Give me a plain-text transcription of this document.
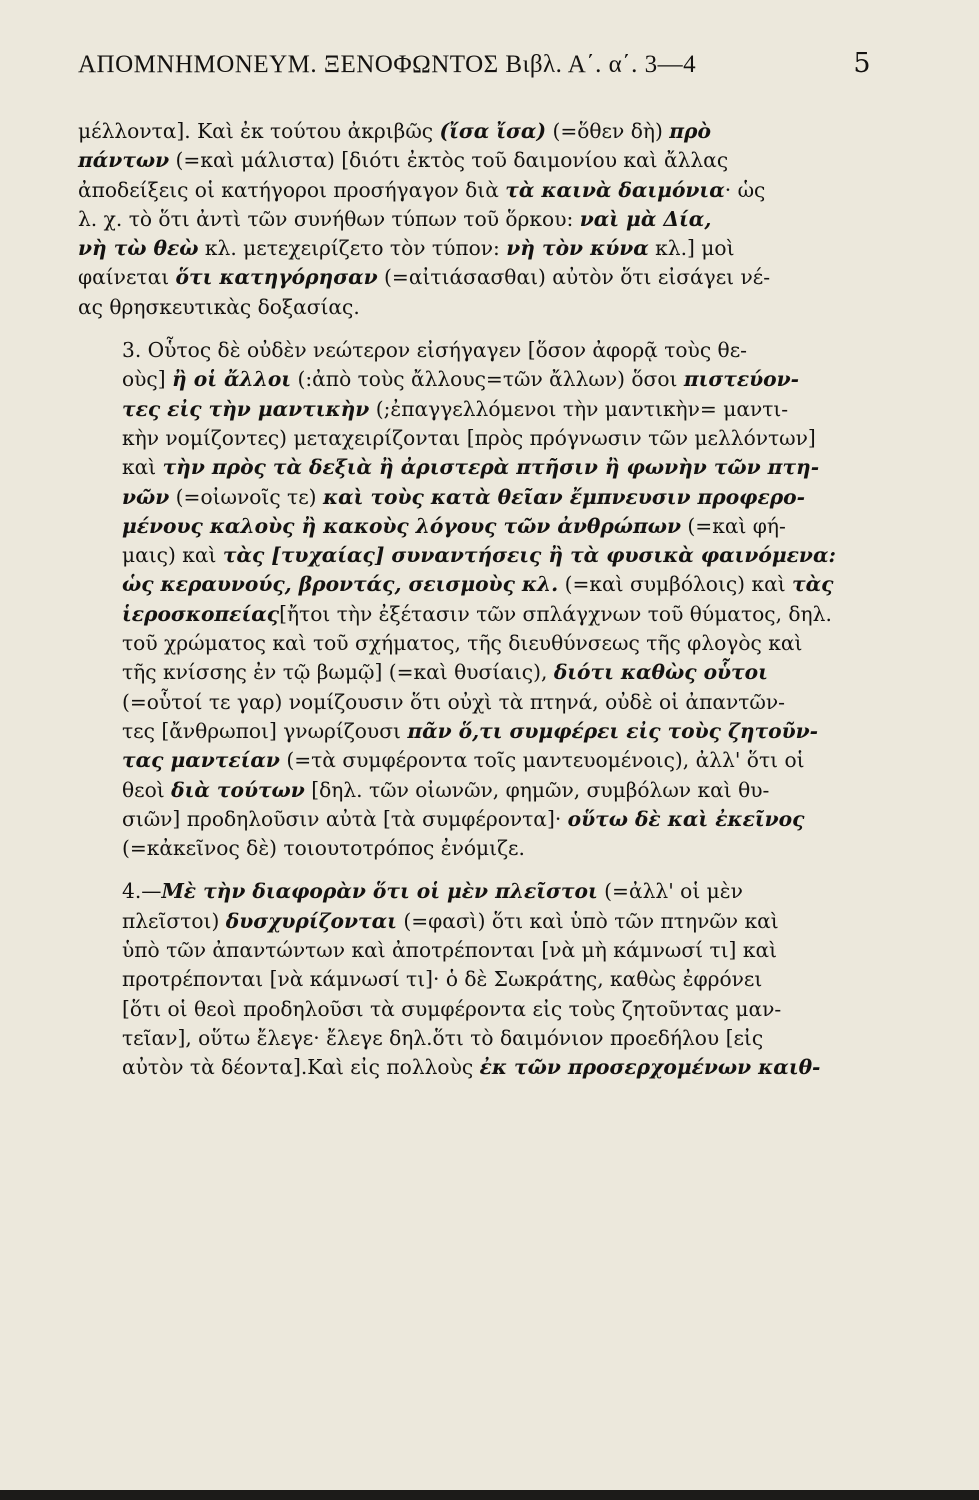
ΑΠΟΜΝΗΜΟΝΕΥΜ. ΞΕΝΟΦΩΝΤΟΣ Βιβλ. Α΄. α΄. 3—4	5

μέλλοντα]. Καὶ ἐκ τούτου ἀκριβῶς (ἴσα ἴσα) (=ὅθεν δὴ) πρὸ
πάντων (=καὶ μάλιστα) [διότι ἐκτὸς τοῦ δαιμονίου καὶ ἄλλας
ἀποδείξεις οἱ κατήγοροι προσήγαγον διὰ τὰ καινὰ δαιμόνια· ὡς
λ. χ. τὸ ὅτι ἀντὶ τῶν συνήθων τύπων τοῦ ὅρκου: ναὶ μὰ Δία,
νὴ τὼ θεὼ κλ. μετεχειρίζετο τὸν τύπον: νὴ τὸν κύνα κλ.] μοὶ
φαίνεται ὅτι κατηγόρησαν (=αἰτιάσασθαι) αὐτὸν ὅτι εἰσάγει νέ-
ας θρησκευτικὰς δοξασίας.

3. Οὗτος δὲ οὐδὲν νεώτερον εἰσήγαγεν [ὅσον ἀφορᾷ τοὺς θε-
οὺς] ἢ οἱ ἄλλοι (:ἀπὸ τοὺς ἄλλους=τῶν ἄλλων) ὅσοι πιστεύον-
τες εἰς τὴν μαντικὴν (;ἐπαγγελλόμενοι τὴν μαντικὴν= μαντι-
κὴν νομίζοντες) μεταχειρίζονται [πρὸς πρόγνωσιν τῶν μελλόντων]
καὶ τὴν πρὸς τὰ δεξιὰ ἢ ἀριστερὰ πτῆσιν ἢ φωνὴν τῶν πτη-
νῶν (=οἰωνοῖς τε) καὶ τοὺς κατὰ θεῖαν ἔμπνευσιν προφερο-
μένους καλοὺς ἢ κακοὺς λόγους τῶν ἀνθρώπων (=καὶ φή-
μαις) καὶ τὰς [τυχαίας] συναντήσεις ἢ τὰ φυσικὰ φαινόμενα:
ὡς κεραυνούς, βροντάς, σεισμοὺς κλ. (=καὶ συμβόλοις) καὶ τὰς
ἱεροσκοπείας[ἤτοι τὴν ἐξέτασιν τῶν σπλάγχνων τοῦ θύματος, δηλ.
τοῦ χρώματος καὶ τοῦ σχήματος, τῆς διευθύνσεως τῆς φλογὸς καὶ
τῆς κνίσσης ἐν τῷ βωμῷ] (=καὶ θυσίαις), διότι καθὼς οὗτοι
(=οὗτοί τε γαρ) νομίζουσιν ὅτι οὐχὶ τὰ πτηνά, οὐδὲ οἱ ἀπαντῶν-
τες [ἄνθρωποι] γνωρίζουσι πᾶν ὅ,τι συμφέρει εἰς τοὺς ζητοῦν-
τας μαντείαν (=τὰ συμφέροντα τοῖς μαντευομένοις), ἀλλ' ὅτι οἱ
θεοὶ διὰ τούτων [δηλ. τῶν οἰωνῶν, φημῶν, συμβόλων καὶ θυ-
σιῶν] προδηλοῦσιν αὐτὰ [τὰ συμφέροντα]· οὕτω δὲ καὶ ἐκεῖνος
(=κἀκεῖνος δὲ) τοιουτοτρόπος ἐνόμιζε.

4.—Μὲ τὴν διαφορὰν ὅτι οἱ μὲν πλεῖστοι (=ἀλλ' οἱ μὲν
πλεῖστοι) δυσχυρίζονται (=φασὶ) ὅτι καὶ ὑπὸ τῶν πτηνῶν καὶ
ὑπὸ τῶν ἀπαντώντων καὶ ἀποτρέπονται [νὰ μὴ κάμνωσί τι] καὶ
προτρέπονται [νὰ κάμνωσί τι]· ὁ δὲ Σωκράτης, καθὼς ἐφρόνει
[ὅτι οἱ θεοὶ προδηλοῦσι τὰ συμφέροντα εἰς τοὺς ζητοῦντας μαν-
τεῖαν], οὕτω ἔλεγε· ἔλεγε δηλ.ὅτι τὸ δαιμόνιον προεδήλου [εἰς
αὐτὸν τὰ δέοντα].Καὶ εἰς πολλοὺς ἐκ τῶν προσερχομένων καιθ-
